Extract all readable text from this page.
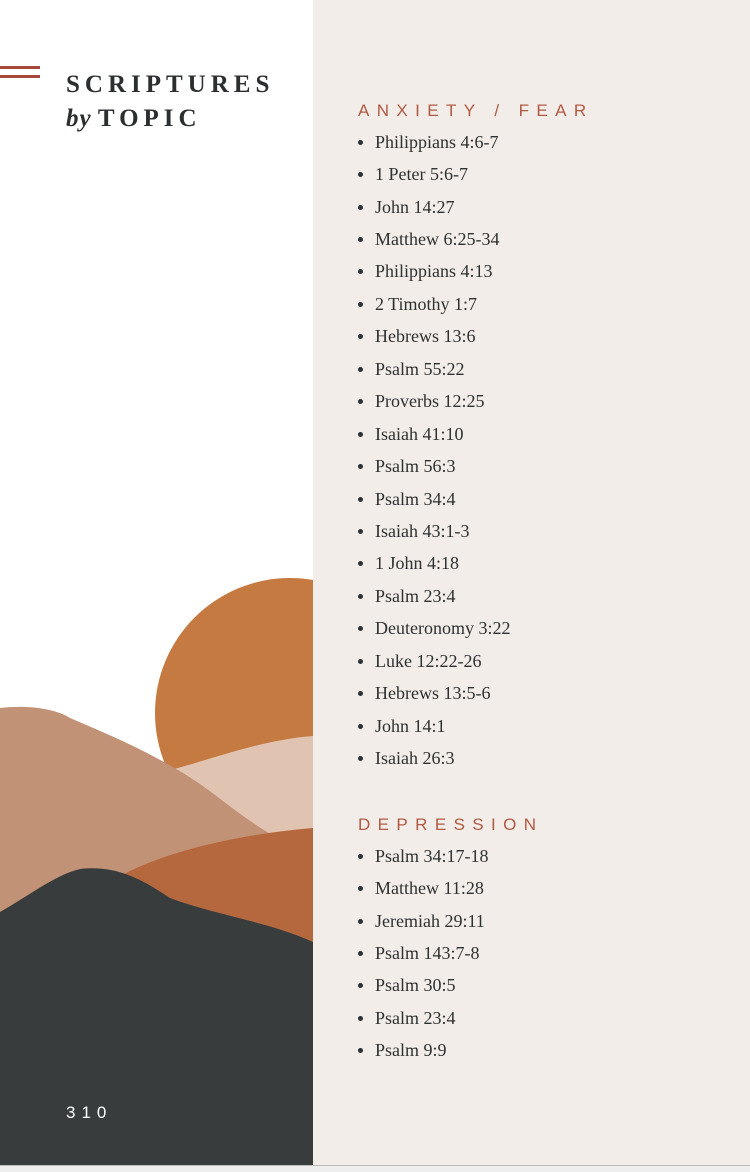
SCRIPTURES
by TOPIC
310
ANXIETY / FEAR
Philippians 4:6-7
1 Peter 5:6-7
John 14:27
Matthew 6:25-34
Philippians 4:13
2 Timothy 1:7
Hebrews 13:6
Psalm 55:22
Proverbs 12:25
Isaiah 41:10
Psalm 56:3
Psalm 34:4
Isaiah 43:1-3
1 John 4:18
Psalm 23:4
Deuteronomy 3:22
Luke 12:22-26
Hebrews 13:5-6
John 14:1
Isaiah 26:3
DEPRESSION
Psalm 34:17-18
Matthew 11:28
Jeremiah 29:11
Psalm 143:7-8
Psalm 30:5
Psalm 23:4
Psalm 9:9
